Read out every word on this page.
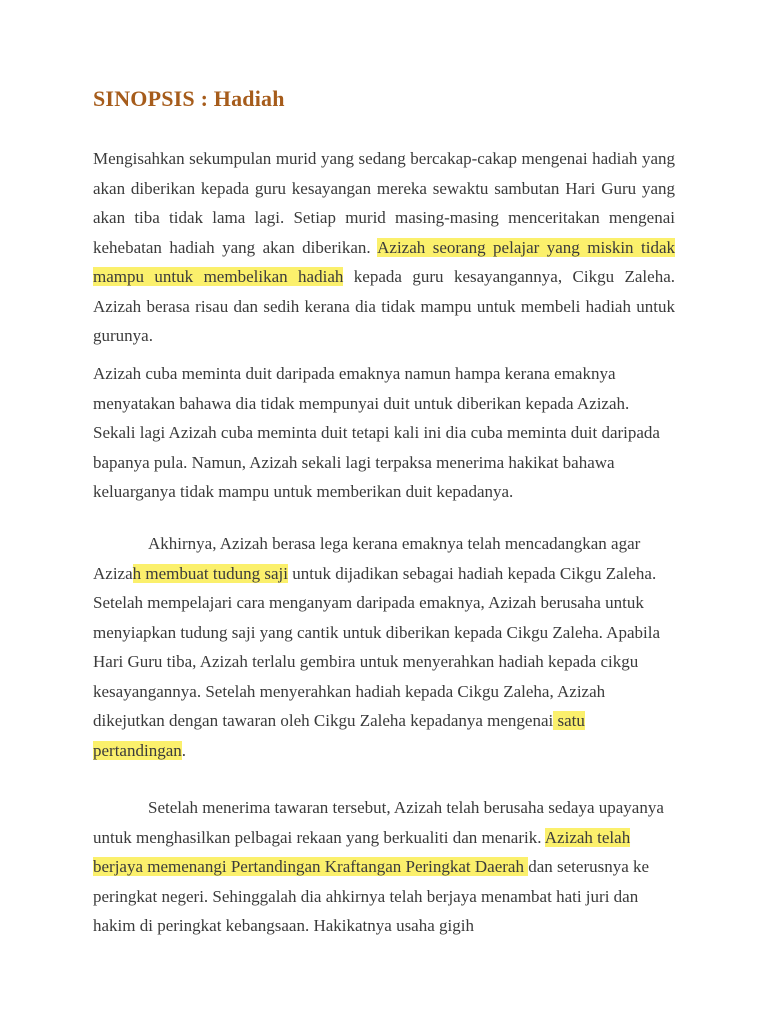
SINOPSIS : Hadiah

Mengisahkan sekumpulan murid yang sedang bercakap-cakap mengenai hadiah yang akan diberikan kepada guru kesayangan mereka sewaktu sambutan Hari Guru yang akan tiba tidak lama lagi. Setiap murid masing-masing menceritakan mengenai kehebatan hadiah yang akan diberikan. Azizah seorang pelajar yang miskin tidak mampu untuk membelikan hadiah kepada guru kesayangannya, Cikgu Zaleha. Azizah berasa risau dan sedih kerana dia tidak mampu untuk membeli hadiah untuk gurunya.

Azizah cuba meminta duit daripada emaknya namun hampa kerana emaknya menyatakan bahawa dia tidak mempunyai duit untuk diberikan kepada Azizah. Sekali lagi Azizah cuba meminta duit tetapi kali ini dia cuba meminta duit daripada bapanya pula. Namun, Azizah sekali lagi terpaksa menerima hakikat bahawa keluarganya tidak mampu untuk memberikan duit kepadanya.

Akhirnya, Azizah berasa lega kerana emaknya telah mencadangkan agar Azizah membuat tudung saji untuk dijadikan sebagai hadiah kepada Cikgu Zaleha. Setelah mempelajari cara menganyam daripada emaknya, Azizah berusaha untuk menyiapkan tudung saji yang cantik untuk diberikan kepada Cikgu Zaleha. Apabila Hari Guru tiba, Azizah terlalu gembira untuk menyerahkan hadiah kepada cikgu kesayangannya. Setelah menyerahkan hadiah kepada Cikgu Zaleha, Azizah dikejutkan dengan tawaran oleh Cikgu Zaleha kepadanya mengenai satu pertandingan.

Setelah menerima tawaran tersebut, Azizah telah berusaha sedaya upayanya untuk menghasilkan pelbagai rekaan yang berkualiti dan menarik. Azizah telah berjaya memenangi Pertandingan Kraftangan Peringkat Daerah dan seterusnya ke peringkat negeri. Sehinggalah dia ahkirnya telah berjaya menambat hati juri dan hakim di peringkat kebangsaan. Hakikatnya usaha gigih
